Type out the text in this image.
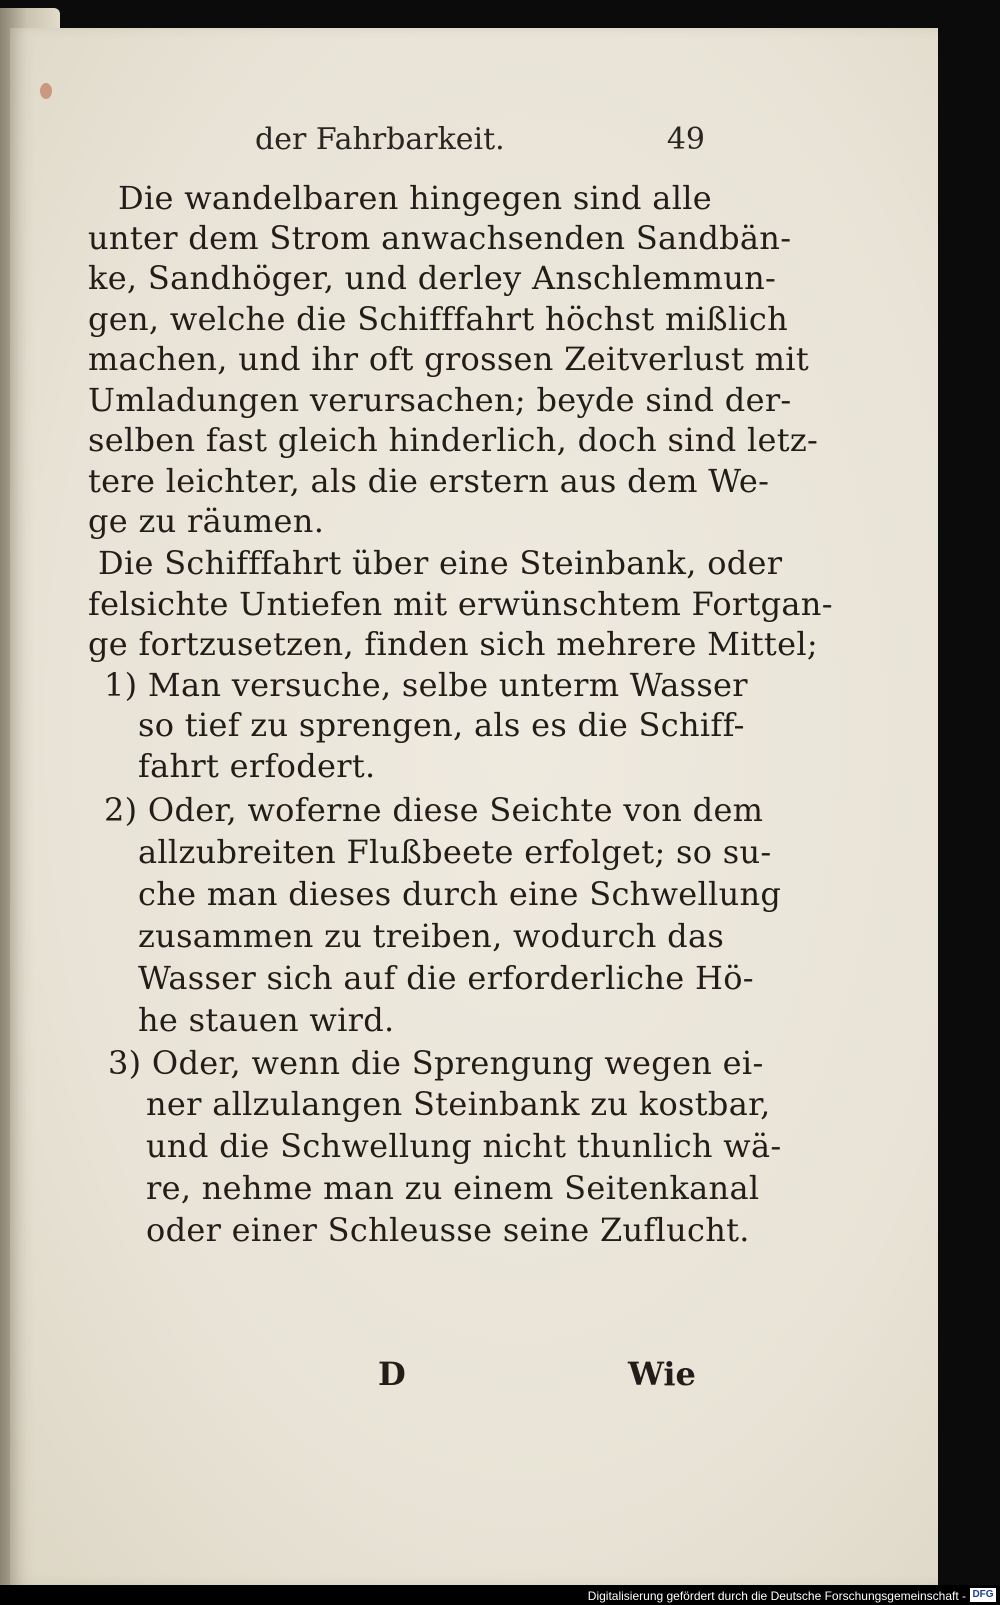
der Fahrbarkeit.	49
Die wandelbaren hingegen sind alle
unter dem Strom anwachsenden Sandbän-
ke, Sandhöger, und derley Anschlemmun-
gen, welche die Schifffahrt höchst mißlich
machen, und ihr oft grossen Zeitverlust mit
Umladungen verursachen; beyde sind der-
selben fast gleich hinderlich, doch sind letz-
tere leichter, als die erstern aus dem We-
ge zu räumen.
Die Schifffahrt über eine Steinbank, oder
felsichte Untiefen mit erwünschtem Fortgan-
ge fortzusetzen, finden sich mehrere Mittel;
1) Man versuche, selbe unterm Wasser
so tief zu sprengen, als es die Schiff-
fahrt erfodert.
2) Oder, woferne diese Seichte von dem
allzubreiten Flußbeete erfolget; so su-
che man dieses durch eine Schwellung
zusammen zu treiben, wodurch das
Wasser sich auf die erforderliche Hö-
he stauen wird.
3) Oder, wenn die Sprengung wegen ei-
ner allzulangen Steinbank zu kostbar,
und die Schwellung nicht thunlich wä-
re, nehme man zu einem Seitenkanal
oder einer Schleusse seine Zuflucht.
D	Wie
Digitalisierung gefördert durch die Deutsche Forschungsgemeinschaft - DFG
